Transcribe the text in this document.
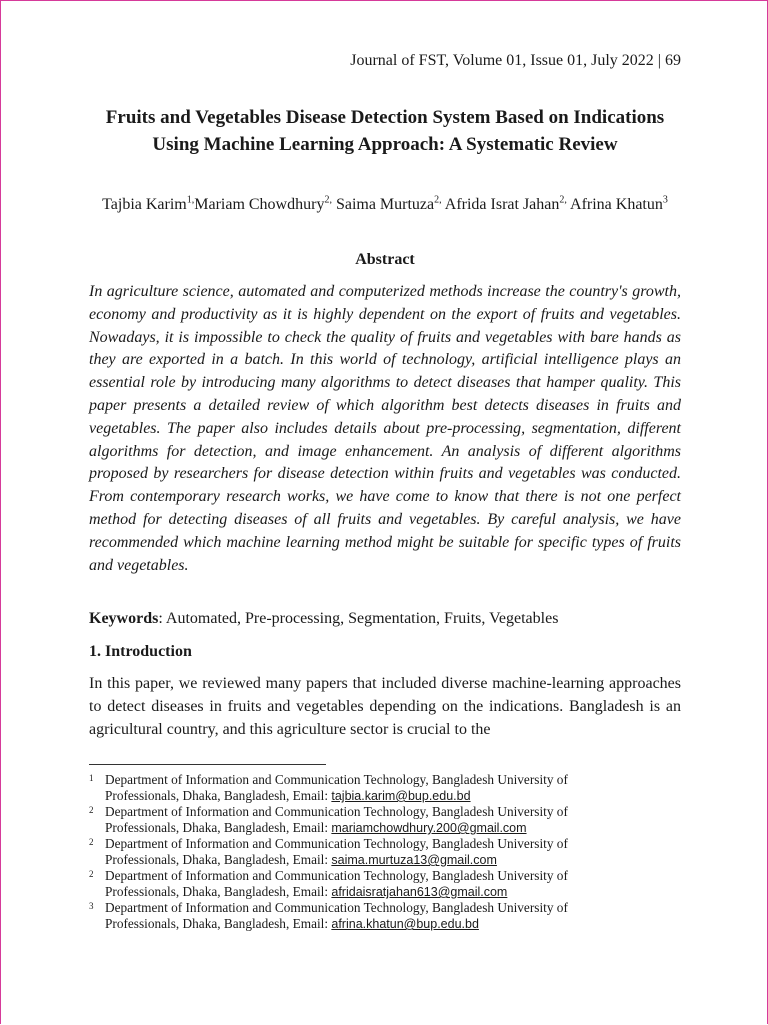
Journal of FST, Volume 01, Issue 01, July 2022 | 69
Fruits and Vegetables Disease Detection System Based on Indications Using Machine Learning Approach: A Systematic Review
Tajbia Karim$^{1,}$Mariam Chowdhury$^{2,}$ Saima Murtuza$^{2,}$ Afrida Israt Jahan$^{2,}$ Afrina Khatun$^3$
Abstract

In agriculture science, automated and computerized methods increase the country's growth, economy and productivity as it is highly dependent on the export of fruits and vegetables. Nowadays, it is impossible to check the quality of fruits and vegetables with bare hands as they are exported in a batch. In this world of technology, artificial intelligence plays an essential role by introducing many algorithms to detect diseases that hamper quality. This paper presents a detailed review of which algorithm best detects diseases in fruits and vegetables. The paper also includes details about pre-processing, segmentation, different algorithms for detection, and image enhancement. An analysis of different algorithms proposed by researchers for disease detection within fruits and vegetables was conducted. From contemporary research works, we have come to know that there is not one perfect method for detecting diseases of all fruits and vegetables. By careful analysis, we have recommended which machine learning method might be suitable for specific types of fruits and vegetables.

Keywords: Automated, Pre-processing, Segmentation, Fruits, Vegetables
1. Introduction

In this paper, we reviewed many papers that included diverse machine-learning approaches to detect diseases in fruits and vegetables depending on the indications. Bangladesh is an agricultural country, and this agriculture sector is crucial to the

1 Department of Information and Communication Technology, Bangladesh University of
Professionals, Dhaka, Bangladesh, Email: tajbia.karim@bup.edu.bd
2 Department of Information and Communication Technology, Bangladesh University of
Professionals, Dhaka, Bangladesh, Email: mariamchowdhury.200@gmail.com
2 Department of Information and Communication Technology, Bangladesh University of
Professionals, Dhaka, Bangladesh, Email: saima.murtuza13@gmail.com
2 Department of Information and Communication Technology, Bangladesh University of
Professionals, Dhaka, Bangladesh, Email: afridaisratjahan613@gmail.com
3 Department of Information and Communication Technology, Bangladesh University of
Professionals, Dhaka, Bangladesh, Email: afrina.khatun@bup.edu.bd
